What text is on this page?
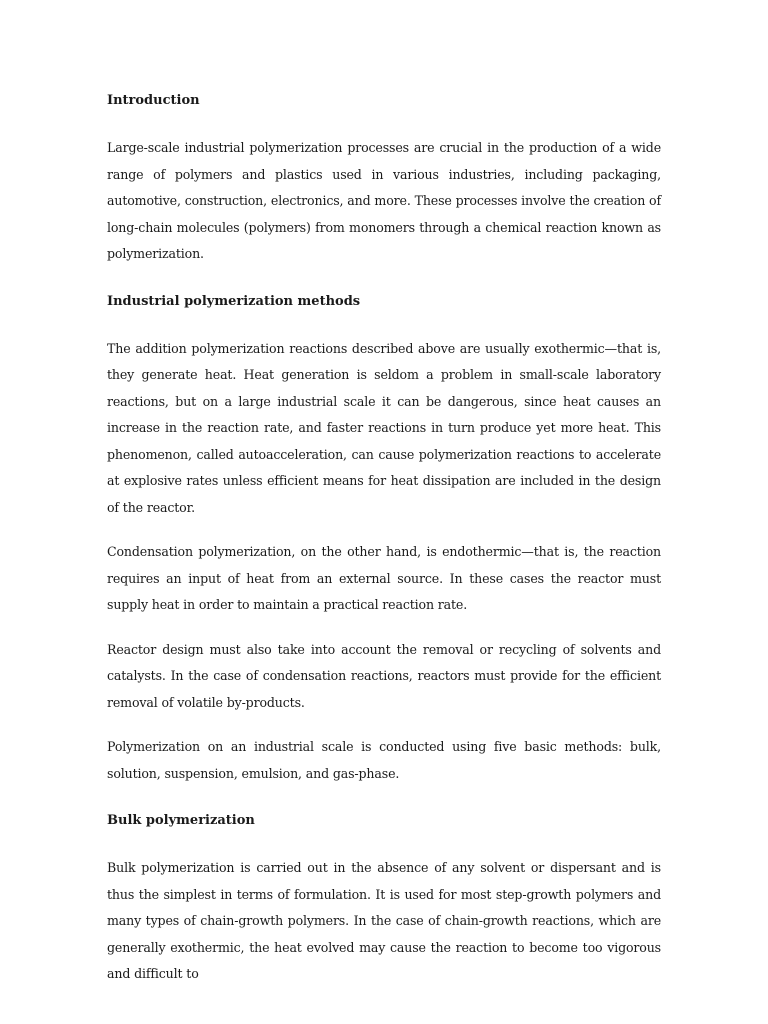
Introduction

Large-scale industrial polymerization processes are crucial in the production of a wide range of polymers and plastics used in various industries, including packaging, automotive, construction, electronics, and more. These processes involve the creation of long-chain molecules (polymers) from monomers through a chemical reaction known as polymerization.

Industrial polymerization methods

The addition polymerization reactions described above are usually exothermic—that is, they generate heat. Heat generation is seldom a problem in small-scale laboratory reactions, but on a large industrial scale it can be dangerous, since heat causes an increase in the reaction rate, and faster reactions in turn produce yet more heat. This phenomenon, called autoacceleration, can cause polymerization reactions to accelerate at explosive rates unless efficient means for heat dissipation are included in the design of the reactor.

Condensation polymerization, on the other hand, is endothermic—that is, the reaction requires an input of heat from an external source. In these cases the reactor must supply heat in order to maintain a practical reaction rate.

Reactor design must also take into account the removal or recycling of solvents and catalysts. In the case of condensation reactions, reactors must provide for the efficient removal of volatile by-products.

Polymerization on an industrial scale is conducted using five basic methods: bulk, solution, suspension, emulsion, and gas-phase.

Bulk polymerization

Bulk polymerization is carried out in the absence of any solvent or dispersant and is thus the simplest in terms of formulation. It is used for most step-growth polymers and many types of chain-growth polymers. In the case of chain-growth reactions, which are generally exothermic, the heat evolved may cause the reaction to become too vigorous and difficult to
